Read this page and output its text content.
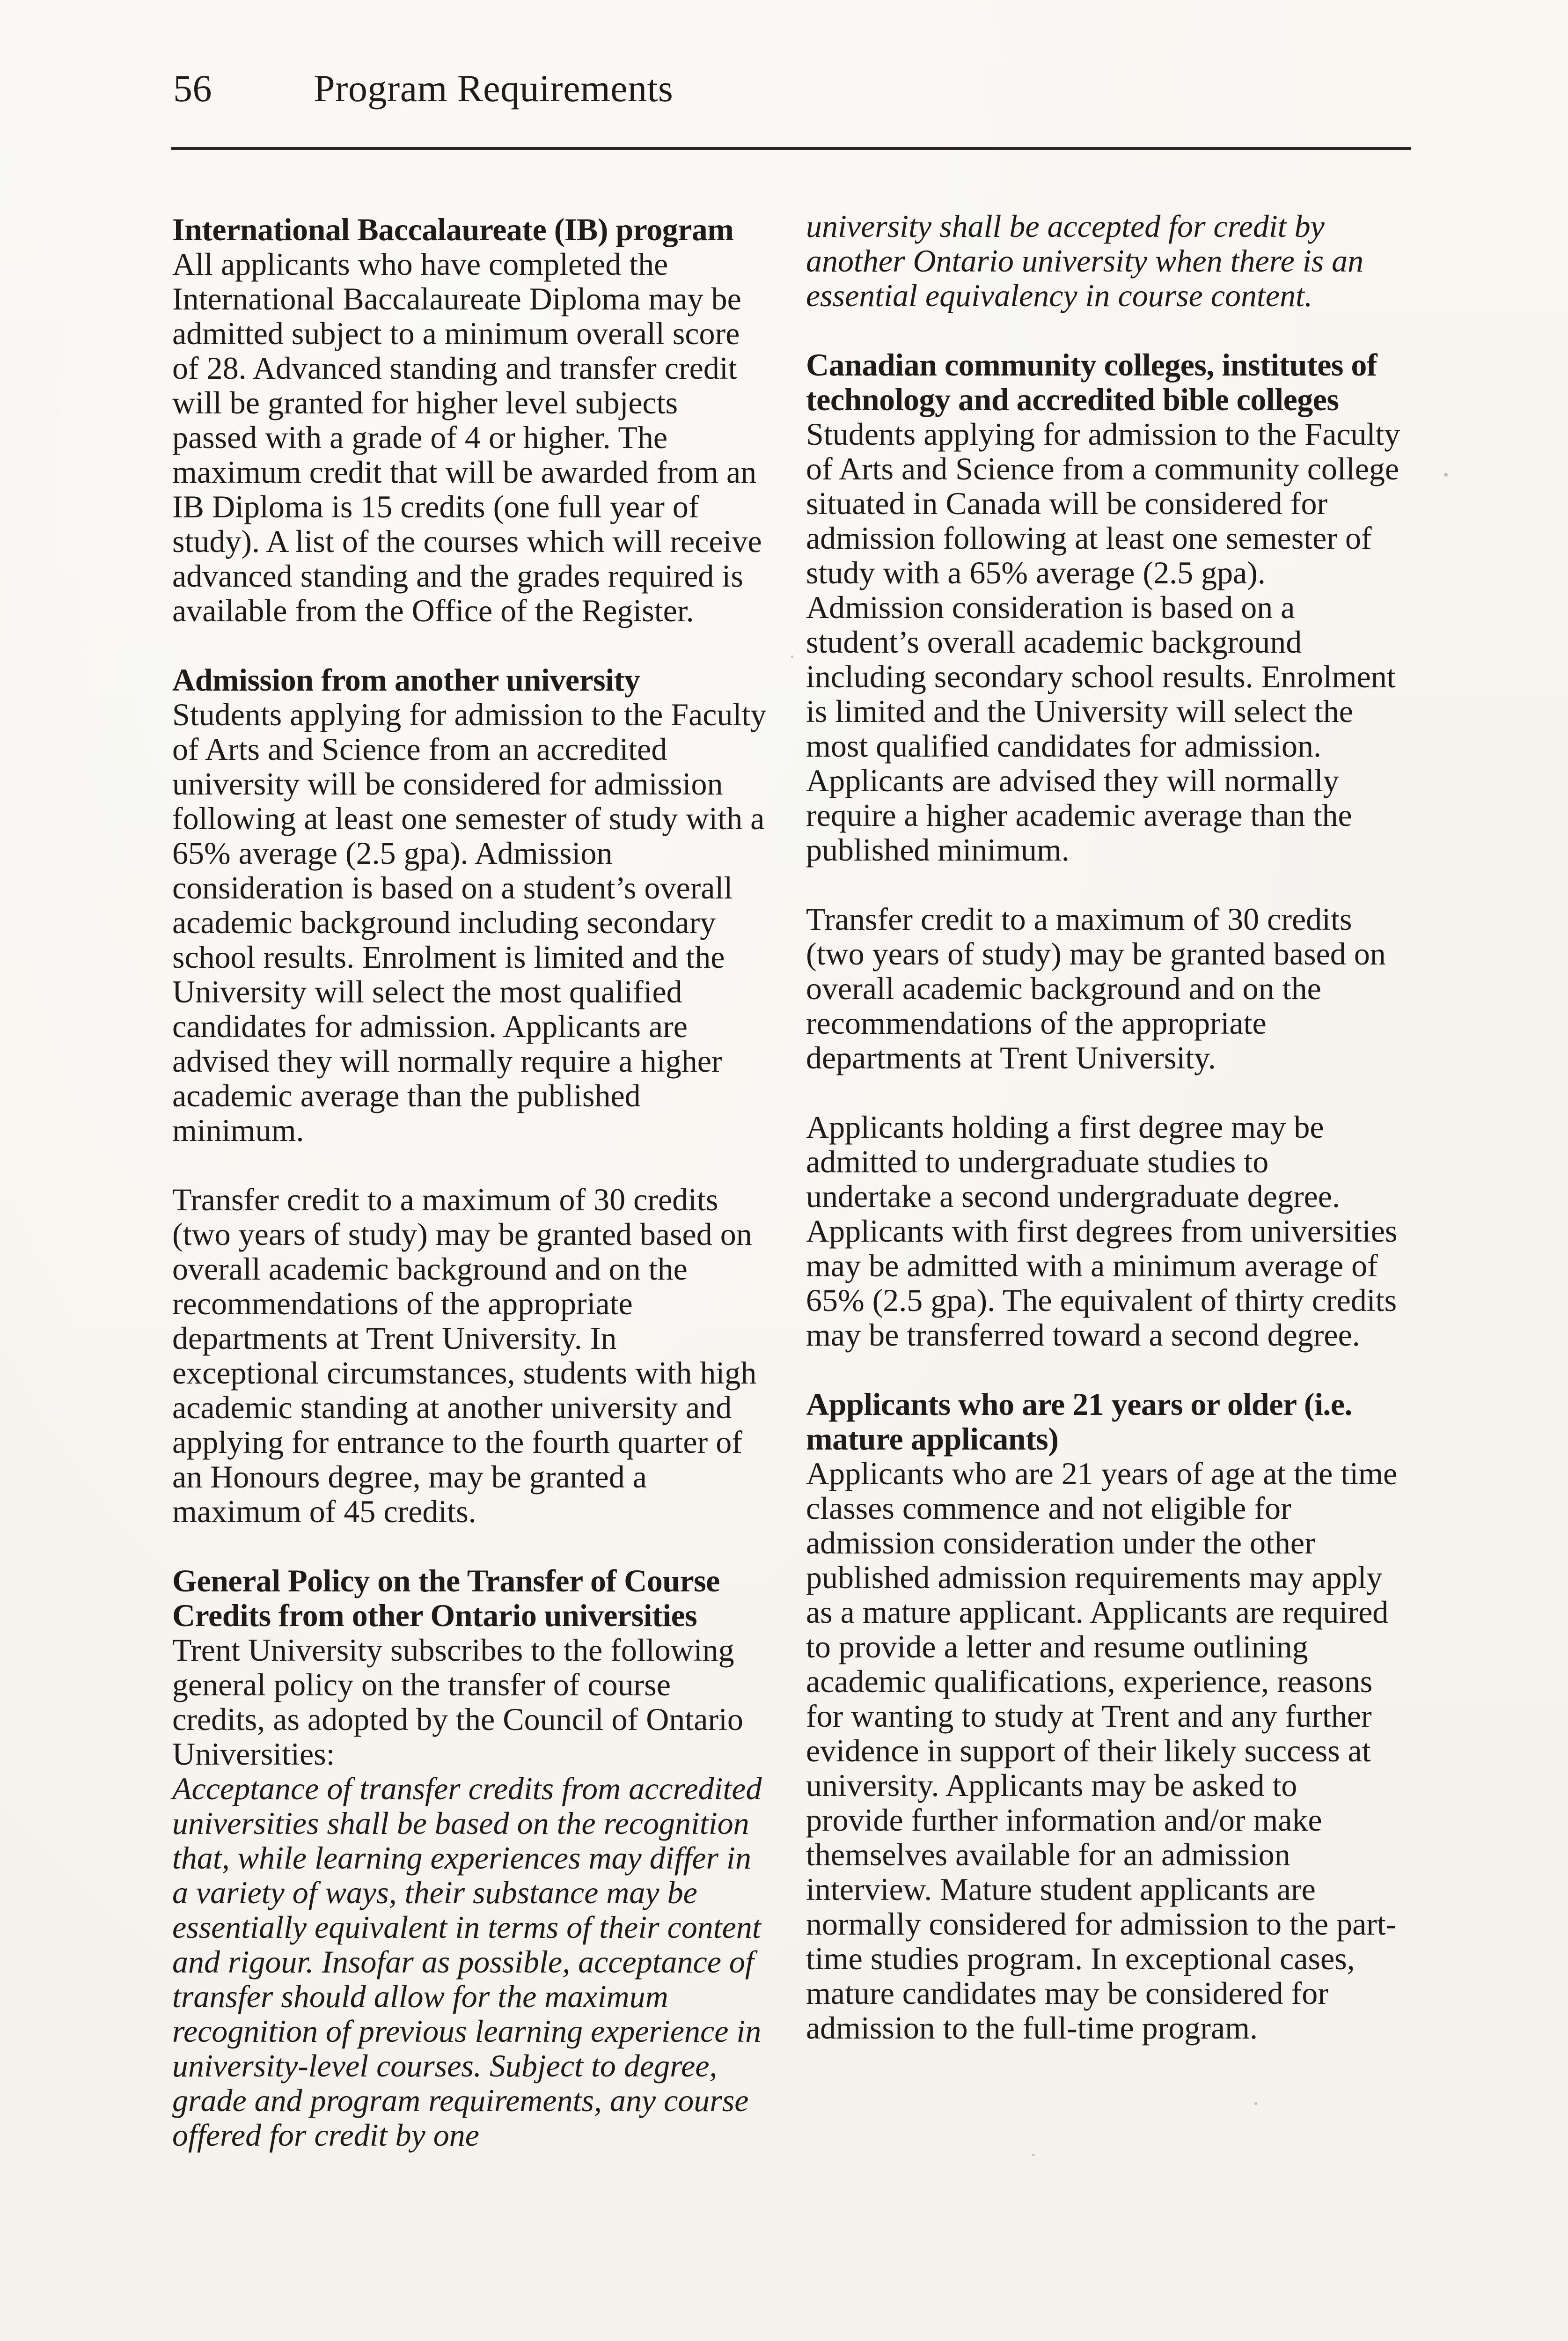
56	Program Requirements

International Baccalaureate (IB) program

All applicants who have completed the International Baccalaureate Diploma may be admitted subject to a minimum overall score of 28. Advanced standing and transfer credit will be granted for higher level subjects passed with a grade of 4 or higher. The maximum credit that will be awarded from an IB Diploma is 15 credits (one full year of study). A list of the courses which will receive advanced standing and the grades required is available from the Office of the Register.

Admission from another university

Students applying for admission to the Faculty of Arts and Science from an accredited university will be considered for admission following at least one semester of study with a 65% average (2.5 gpa). Admission consideration is based on a student’s overall academic background including secondary school results. Enrolment is limited and the University will select the most qualified candidates for admission. Applicants are advised they will normally require a higher academic average than the published minimum.

Transfer credit to a maximum of 30 credits (two years of study) may be granted based on overall academic background and on the recommendations of the appropriate departments at Trent University. In exceptional circumstances, students with high academic standing at another university and applying for entrance to the fourth quarter of an Honours degree, may be granted a maximum of 45 credits.

General Policy on the Transfer of Course Credits from other Ontario universities

Trent University subscribes to the following general policy on the transfer of course credits, as adopted by the Council of Ontario Universities:

Acceptance of transfer credits from accredited universities shall be based on the recognition that, while learning experiences may differ in a variety of ways, their substance may be essentially equivalent in terms of their content and rigour. Insofar as possible, acceptance of transfer should allow for the maximum recognition of previous learning experience in university-level courses. Subject to degree, grade and program requirements, any course offered for credit by one

university shall be accepted for credit by another Ontario university when there is an essential equivalency in course content.

Canadian community colleges, institutes of technology and accredited bible colleges

Students applying for admission to the Faculty of Arts and Science from a community college situated in Canada will be considered for admission following at least one semester of study with a 65% average (2.5 gpa). Admission consideration is based on a student’s overall academic background including secondary school results. Enrolment is limited and the University will select the most qualified candidates for admission. Applicants are advised they will normally require a higher academic average than the published minimum.

Transfer credit to a maximum of 30 credits (two years of study) may be granted based on overall academic background and on the recommendations of the appropriate departments at Trent University.

Applicants holding a first degree may be admitted to undergraduate studies to undertake a second undergraduate degree. Applicants with first degrees from universities may be admitted with a minimum average of 65% (2.5 gpa). The equivalent of thirty credits may be transferred toward a second degree.

Applicants who are 21 years or older (i.e. mature applicants)

Applicants who are 21 years of age at the time classes commence and not eligible for admission consideration under the other published admission requirements may apply as a mature applicant. Applicants are required to provide a letter and resume outlining academic qualifications, experience, reasons for wanting to study at Trent and any further evidence in support of their likely success at university. Applicants may be asked to provide further information and/or make themselves available for an admission interview. Mature student applicants are normally considered for admission to the part-time studies program. In exceptional cases, mature candidates may be considered for admission to the full-time program.
